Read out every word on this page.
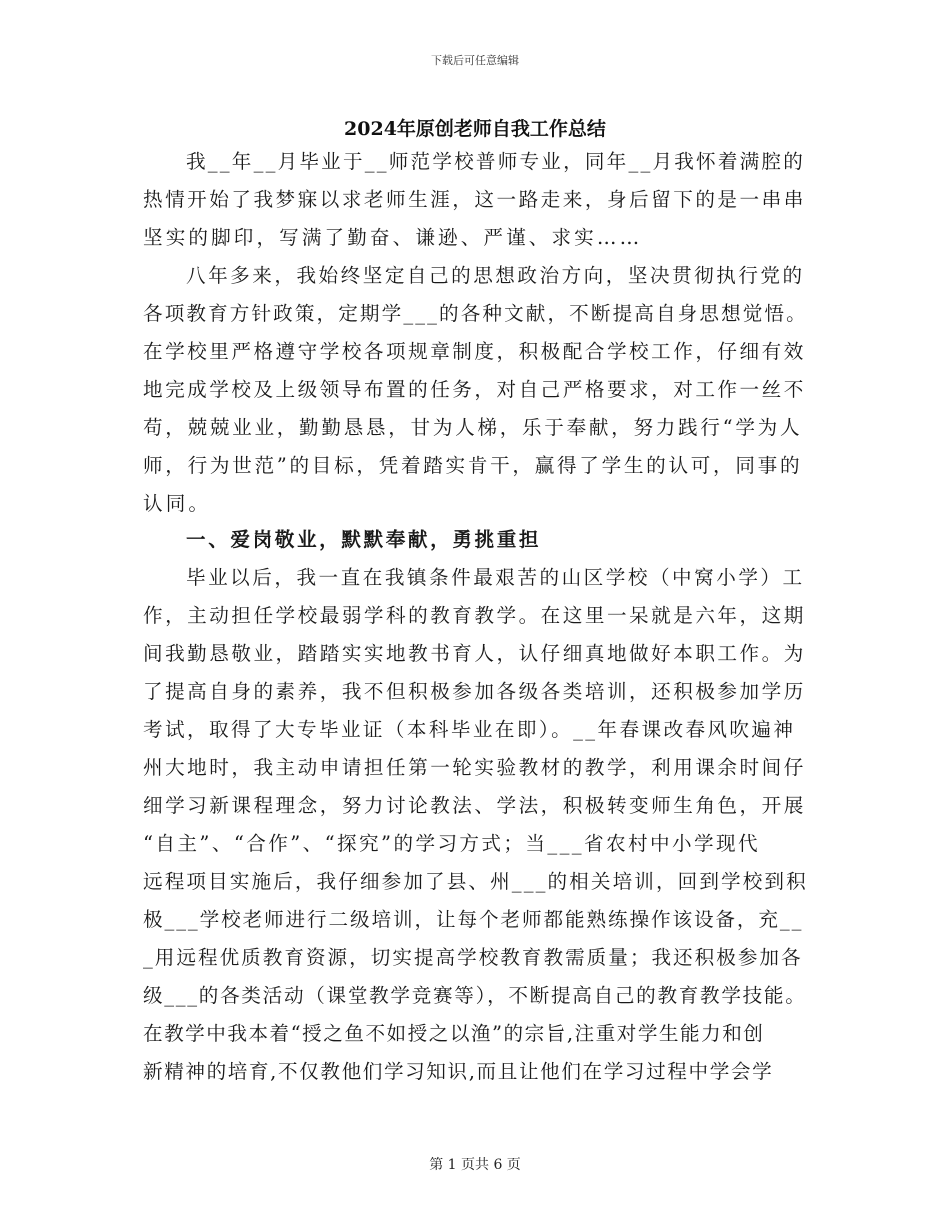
下载后可任意编辑
2024年原创老师自我工作总结
我__年__月毕业于__师范学校普师专业，同年__月我怀着满腔的
热情开始了我梦寐以求老师生涯，这一路走来，身后留下的是一串串
坚实的脚印，写满了勤奋、谦逊、严谨、求实……
八年多来，我始终坚定自己的思想政治方向，坚决贯彻执行党的
各项教育方针政策，定期学___的各种文献，不断提高自身思想觉悟。
在学校里严格遵守学校各项规章制度，积极配合学校工作，仔细有效
地完成学校及上级领导布置的任务，对自己严格要求，对工作一丝不
苟，兢兢业业，勤勤恳恳，甘为人梯，乐于奉献，努力践行“学为人
师，行为世范”的目标，凭着踏实肯干，赢得了学生的认可，同事的
认同。
一、爱岗敬业，默默奉献，勇挑重担
毕业以后，我一直在我镇条件最艰苦的山区学校（中窝小学）工
作，主动担任学校最弱学科的教育教学。在这里一呆就是六年，这期
间我勤恳敬业，踏踏实实地教书育人，认仔细真地做好本职工作。为
了提高自身的素养，我不但积极参加各级各类培训，还积极参加学历
考试，取得了大专毕业证（本科毕业在即）。__年春课改春风吹遍神
州大地时，我主动申请担任第一轮实验教材的教学，利用课余时间仔
细学习新课程理念，努力讨论教法、学法，积极转变师生角色，开展
“自主”、“合作”、“探究”的学习方式；当___省农村中小学现代
远程项目实施后，我仔细参加了县、州___的相关培训，回到学校到积
极___学校老师进行二级培训，让每个老师都能熟练操作该设备，充__
_用远程优质教育资源，切实提高学校教育教需质量；我还积极参加各
级___的各类活动（课堂教学竞赛等），不断提高自己的教育教学技能。
在教学中我本着“授之鱼不如授之以渔”的宗旨,注重对学生能力和创
新精神的培育,不仅教他们学习知识,而且让他们在学习过程中学会学
第 1 页共 6 页
